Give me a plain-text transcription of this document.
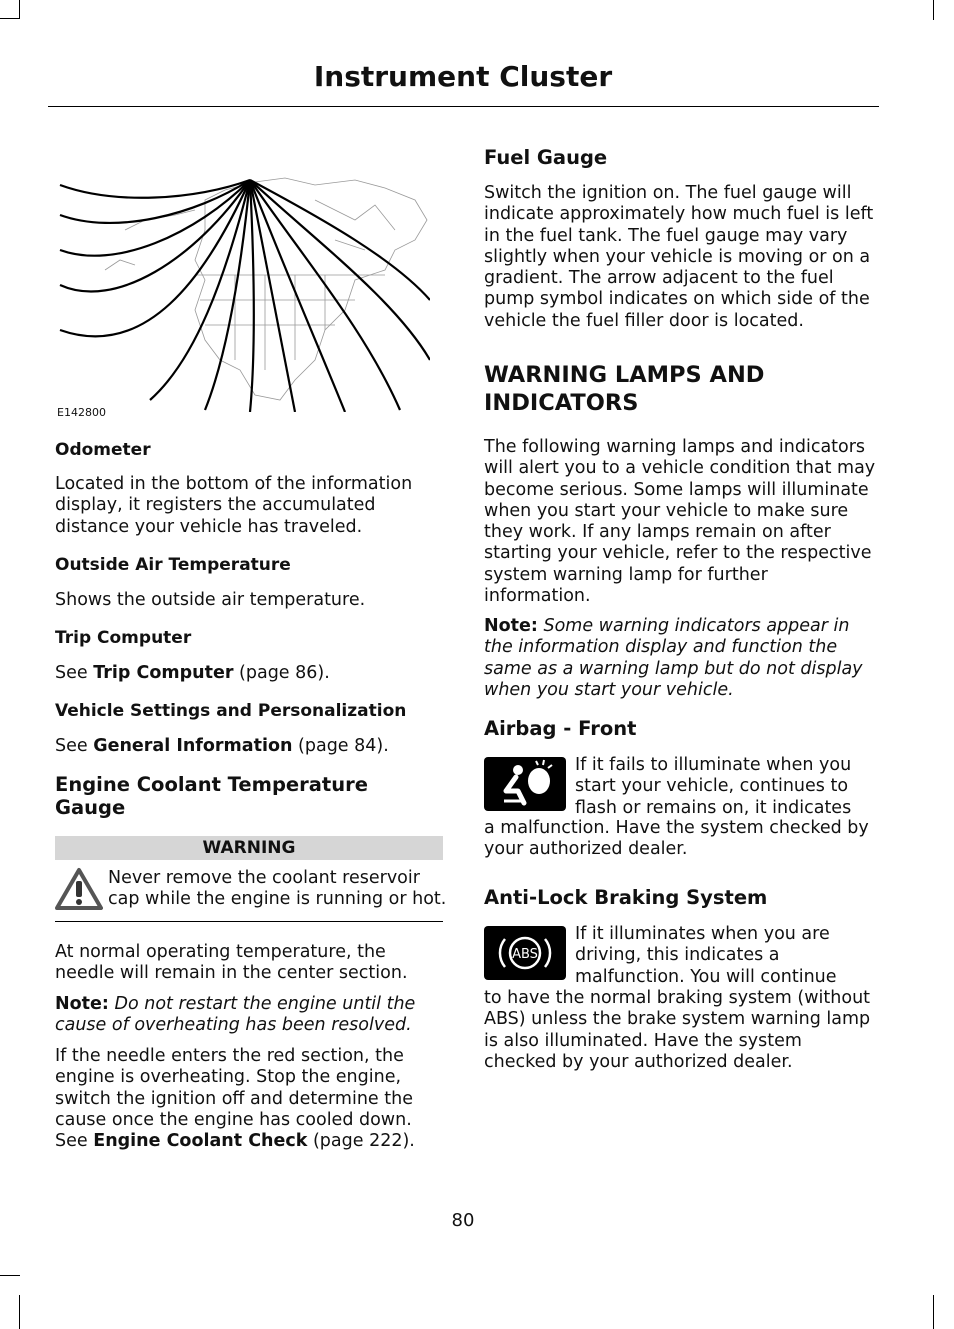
Instrument Cluster
E142800
Odometer

Located in the bottom of the information display, it registers the accumulated distance your vehicle has traveled.

Outside Air Temperature

Shows the outside air temperature.

Trip Computer

See Trip Computer (page 86).

Vehicle Settings and Personalization

See General Information (page 84).

Engine Coolant Temperature
Gauge
WARNING

Never remove the coolant reservoir cap while the engine is running or hot.

At normal operating temperature, the needle will remain in the center section.

Note: Do not restart the engine until the cause of overheating has been resolved.

If the needle enters the red section, the engine is overheating. Stop the engine, switch the ignition off and determine the cause once the engine has cooled down. See Engine Coolant Check (page 222).

Fuel Gauge

Switch the ignition on. The fuel gauge will indicate approximately how much fuel is left in the fuel tank. The fuel gauge may vary slightly when your vehicle is moving or on a gradient. The arrow adjacent to the fuel pump symbol indicates on which side of the vehicle the fuel filler door is located.

WARNING LAMPS AND
INDICATORS

The following warning lamps and indicators will alert you to a vehicle condition that may become serious. Some lamps will illuminate when you start your vehicle to make sure they work. If any lamps remain on after starting your vehicle, refer to the respective system warning lamp for further information.

Note: Some warning indicators appear in the information display and function the same as a warning lamp but do not display when you start your vehicle.

Airbag - Front

If it fails to illuminate when you
start your vehicle, continues to
flash or remains on, it indicates

a malfunction. Have the system checked by your authorized dealer.

Anti-Lock Braking System
ABS

If it illuminates when you are
driving, this indicates a
malfunction. You will continue

to have the normal braking system (without ABS) unless the brake system warning lamp is also illuminated. Have the system checked by your authorized dealer.

80
